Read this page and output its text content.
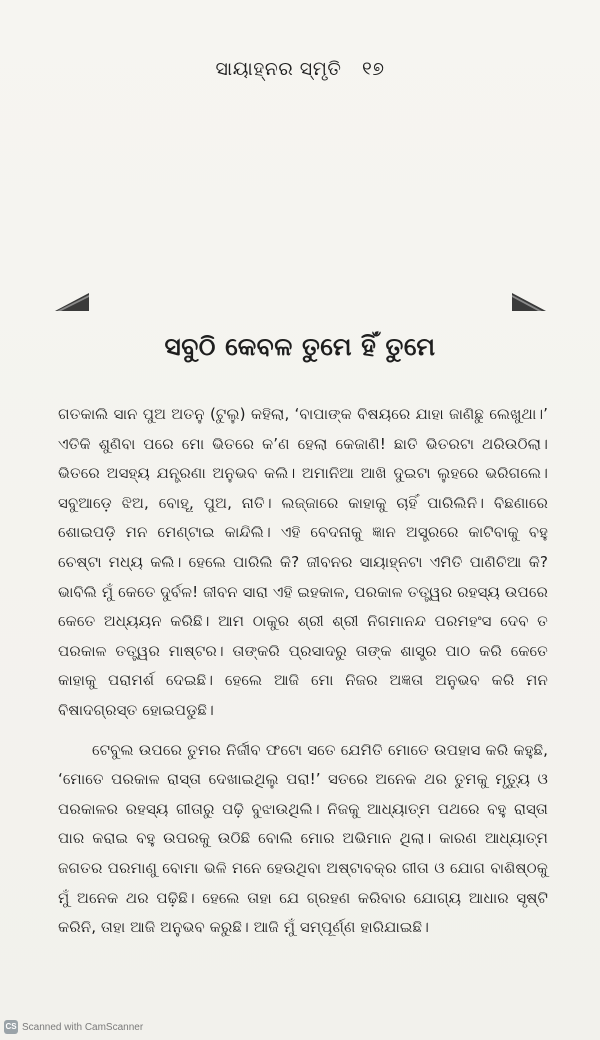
ସାୟାହ୍ନର ସ୍ମୃତି ୧୭
ସବୁଠି କେବଳ ତୁମେ ହିଁ ତୁମେ

ଗତକାଲି ସାନ ପୁଅ ଅତନୁ (ଟୁଲୁ) କହିଲା, ‘ବାପାଙ୍କ ବିଷୟରେ ଯାହା ଜାଣିଛୁ ଲେଖୁଥା।’ ଏତିକି ଶୁଣିବା ପରେ ମୋ ଭିତରେ କ’ଣ ହେଲା କେଜାଣି! ଛାତି ଭିତରଟା ଥରିଉଠିଲା। ଭିତରେ ଅସହ୍ୟ ଯନ୍ତ୍ରଣା ଅନୁଭବ କଲି। ଅମାନିଆ ଆଖି ଦୁଇଟା ଲୁହରେ ଭରିଗଲେ। ସବୁଆଡ଼େ ଝିଅ, ବୋହୂ, ପୁଅ, ନାତି। ଲଜ୍ଜାରେ କାହାକୁ ଚାହିଁ ପାରିଲିନି। ବିଛଣାରେ ଶୋଇପଡ଼ି ମନ ମେଣ୍ଟାଇ କାନ୍ଦିଲି। ଏହି ବେଦନାକୁ ଜ୍ଞାନ ଅସ୍ତ୍ରରେ କାଟିବାକୁ ବହୁ ଚେଷ୍ଟା ମଧ୍ୟ କଲି। ହେଲେ ପାରିଲି କି? ଜୀବନର ସାୟାହ୍ନଟା ଏମିତି ପାଣିଚିଆ କି? ଭାବିଲି ମୁଁ କେତେ ଦୁର୍ବଳ! ଜୀବନ ସାରା ଏହି ଇହକାଳ, ପରକାଳ ତତ୍ତ୍ୱର ରହସ୍ୟ ଉପରେ କେତେ ଅଧ୍ୟୟନ କରିଛି। ଆମ ଠାକୁର ଶ୍ରୀ ଶ୍ରୀ ନିଗମାନନ୍ଦ ପରମହଂସ ଦେବ ତ ପରକାଳ ତତ୍ତ୍ୱର ମାଷ୍ଟର। ତାଙ୍କରି ପ୍ରସାଦରୁ ତାଙ୍କ ଶାସ୍ତ୍ର ପାଠ କରି କେତେ କାହାକୁ ପରାମର୍ଶ ଦେଇଛି। ହେଲେ ଆଜି ମୋ ନିଜର ଅଜ୍ଞତା ଅନୁଭବ କରି ମନ ବିଷାଦଗ୍ରସ୍ତ ହୋଇପଡୁଛି।

ଟେବୁଲ ଉପରେ ତୁମର ନିର୍ଜୀବ ଫଟୋ ସତେ ଯେମିତି ମୋତେ ଉପହାସ କରି କହୁଛି, ‘ମୋତେ ପରକାଳ ରାସ୍ତା ଦେଖାଇଥିଲୁ ପରା!’ ସତରେ ଅନେକ ଥର ତୁମକୁ ମୃତ୍ୟୁ ଓ ପରକାଳର ରହସ୍ୟ ଗୀତାରୁ ପଢ଼ି ବୁଝାଉଥିଲି। ନିଜକୁ ଆଧ୍ୟାତ୍ମ ପଥରେ ବହୁ ରାସ୍ତା ପାର କରାଇ ବହୁ ଉପରକୁ ଉଠିଛି ବୋଲି ମୋର ଅଭିମାନ ଥିଲା। କାରଣ ଆଧ୍ୟାତ୍ମ ଜଗତର ପରମାଣୁ ବୋମା ଭଳି ମନେ ହେଉଥିବା ଅଷ୍ଟାବକ୍ର ଗୀତା ଓ ଯୋଗ ବାଶିଷ୍ଠକୁ ମୁଁ ଅନେକ ଥର ପଢ଼ିଛି। ହେଲେ ତାହା ଯେ ଗ୍ରହଣ କରିବାର ଯୋଗ୍ୟ ଆଧାର ସୃଷ୍ଟି କରିନି, ତାହା ଆଜି ଅନୁଭବ କରୁଛି। ଆଜି ମୁଁ ସମ୍ପୂର୍ଣ୍ଣ ହାରିଯାଇଛି।

CS Scanned with CamScanner
